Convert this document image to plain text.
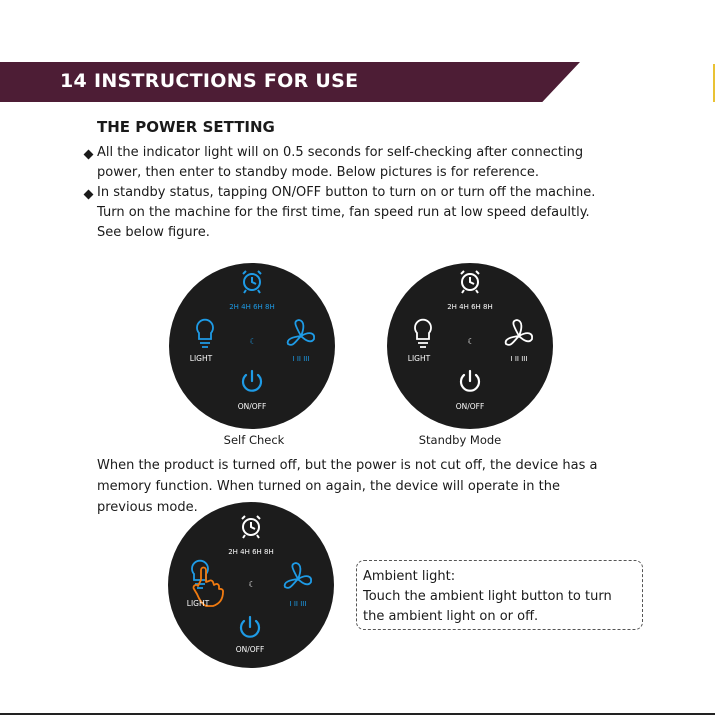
14 INSTRUCTIONS FOR USE
THE POWER SETTING
All the indicator light will on 0.5 seconds for self-checking after connecting
power, then enter to standby mode. Below pictures is for reference.
In standby status, tapping ON/OFF button to turn on or turn off the machine.
Turn on the machine for the first time, fan speed run at low speed defaultly.
See below figure.
2H 4H 6H 8H
LIGHT
☾
I II III
ON/OFF
Self Check
2H 4H 6H 8H
LIGHT
☾
I II III
ON/OFF
Standby Mode
When the product is turned off, but the power is not cut off, the device has a
memory function. When turned on again, the device will operate in the
previous mode.
2H 4H 6H 8H
LIGHT
☾
I II III
ON/OFF
Ambient light:
Touch the ambient light button to turn
the ambient light on or off.
